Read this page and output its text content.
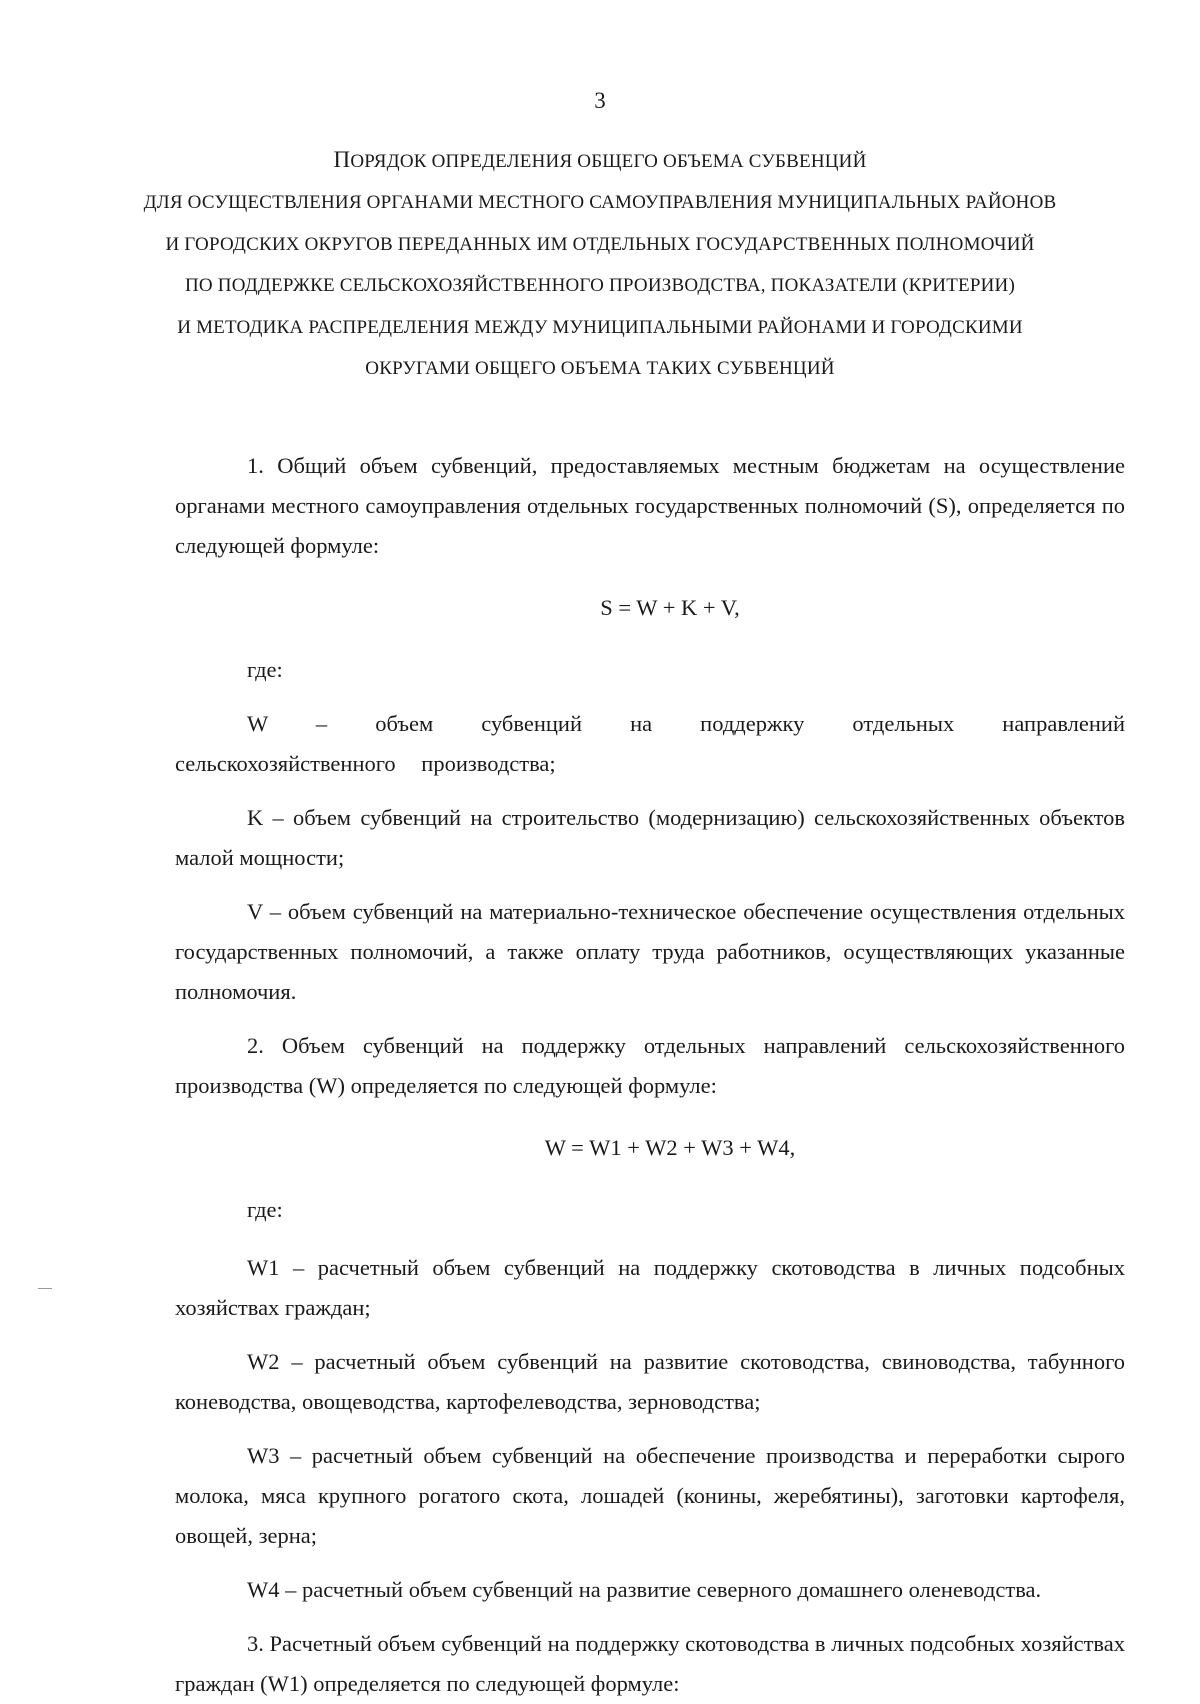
3
ПОРЯДОК ОПРЕДЕЛЕНИЯ ОБЩЕГО ОБЪЕМА СУБВЕНЦИЙ
ДЛЯ ОСУЩЕСТВЛЕНИЯ ОРГАНАМИ МЕСТНОГО САМОУПРАВЛЕНИЯ МУНИЦИПАЛЬНЫХ РАЙОНОВ
И ГОРОДСКИХ ОКРУГОВ ПЕРЕДАННЫХ ИМ ОТДЕЛЬНЫХ ГОСУДАРСТВЕННЫХ ПОЛНОМОЧИЙ
ПО ПОДДЕРЖКЕ СЕЛЬСКОХОЗЯЙСТВЕННОГО ПРОИЗВОДСТВА, ПОКАЗАТЕЛИ (КРИТЕРИИ)
И МЕТОДИКА РАСПРЕДЕЛЕНИЯ МЕЖДУ МУНИЦИПАЛЬНЫМИ РАЙОНАМИ И ГОРОДСКИМИ
ОКРУГАМИ ОБЩЕГО ОБЪЕМА ТАКИХ СУБВЕНЦИЙ

1. Общий объем субвенций, предоставляемых местным бюджетам на осуществление органами местного самоуправления отдельных государственных полномочий (S), определяется по следующей формуле:

S = W + K + V,

где:

W – объем субвенций на поддержку отдельных направлений сельскохозяйственного производства;

K – объем субвенций на строительство (модернизацию) сельскохозяйственных объектов малой мощности;

V – объем субвенций на материально-техническое обеспечение осуществления отдельных государственных полномочий, а также оплату труда работников, осуществляющих указанные полномочия.

2. Объем субвенций на поддержку отдельных направлений сельскохозяйственного производства (W) определяется по следующей формуле:

W = W1 + W2 + W3 + W4,

где:

W1 – расчетный объем субвенций на поддержку скотоводства в личных подсобных хозяйствах граждан;

W2 – расчетный объем субвенций на развитие скотоводства, свиноводства, табунного коневодства, овощеводства, картофелеводства, зерноводства;

W3 – расчетный объем субвенций на обеспечение производства и переработки сырого молока, мяса крупного рогатого скота, лошадей (конины, жеребятины), заготовки картофеля, овощей, зерна;

W4 – расчетный объем субвенций на развитие северного домашнего оленеводства.

3. Расчетный объем субвенций на поддержку скотоводства в личных подсобных хозяйствах граждан (W1) определяется по следующей формуле:
